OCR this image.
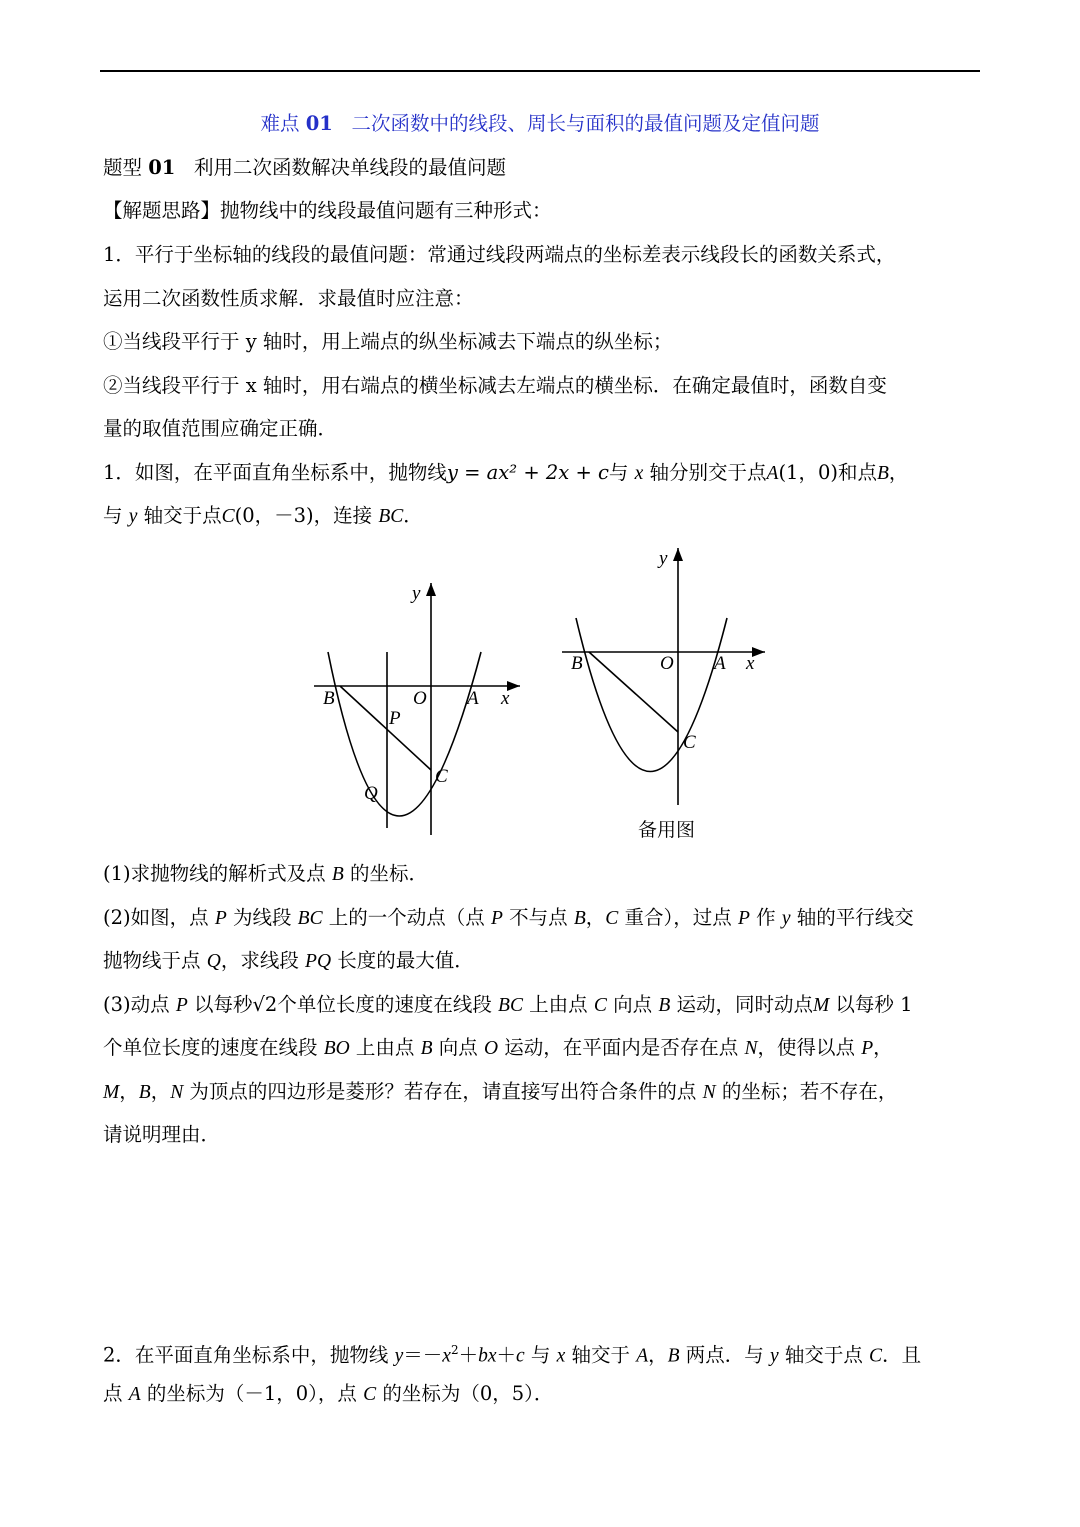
难点 01 二次函数中的线段、周长与面积的最值问题及定值问题
题型 01 利用二次函数解决单线段的最值问题
【解题思路】抛物线中的线段最值问题有三种形式：
1．平行于坐标轴的线段的最值问题：常通过线段两端点的坐标差表示线段长的函数关系式，
运用二次函数性质求解．求最值时应注意：
①当线段平行于 y 轴时，用上端点的纵坐标减去下端点的纵坐标；
②当线段平行于 x 轴时，用右端点的横坐标减去左端点的横坐标．在确定最值时，函数自变
量的取值范围应确定正确．
1．如图，在平面直角坐标系中，抛物线y = ax² + 2x + c与 x 轴分别交于点A(1，0)和点B，
与 y 轴交于点C(0，－3)，连接 BC．
y
B	O A x
P
C
Q
y
B	O A x
C
备用图
(1)求抛物线的解析式及点 B 的坐标．
(2)如图，点 P 为线段 BC 上的一个动点（点 P 不与点 B，C 重合），过点 P 作 y 轴的平行线交
抛物线于点 Q，求线段 PQ 长度的最大值．
(3)动点 P 以每秒√2个单位长度的速度在线段 BC 上由点 C 向点 B 运动，同时动点M 以每秒 1
个单位长度的速度在线段 BO 上由点 B 向点 O 运动，在平面内是否存在点 N，使得以点 P，
M，B，N 为顶点的四边形是菱形？若存在，请直接写出符合条件的点 N 的坐标；若不存在，
请说明理由．
2．在平面直角坐标系中，抛物线 $y=-x^2+bx+c$ 与 x 轴交于 A，B 两点．与 y 轴交于点 C．且
点 A 的坐标为（－1，0），点 C 的坐标为（0，5）．
